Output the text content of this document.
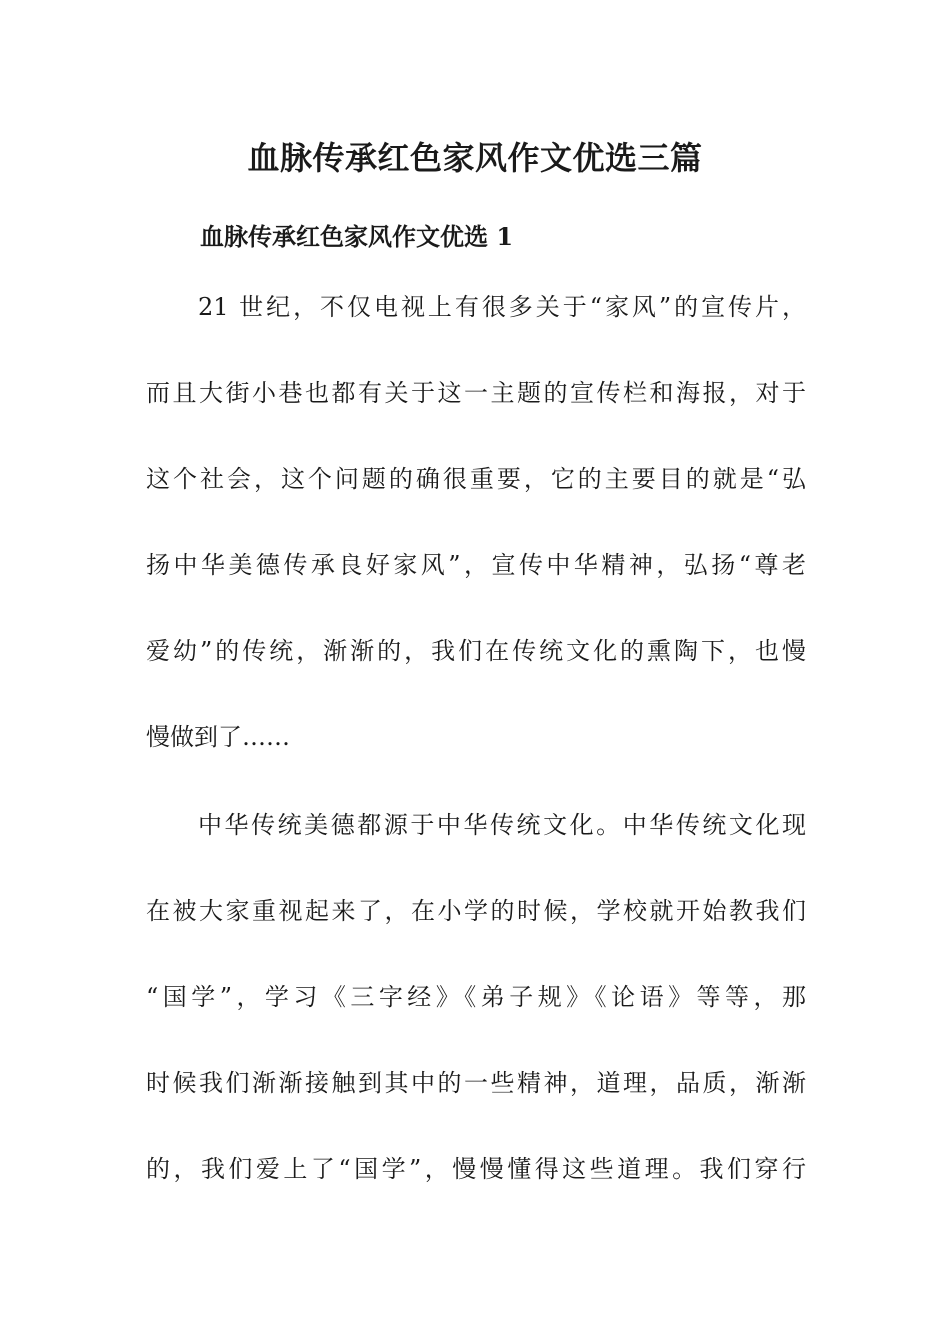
血脉传承红色家风作文优选三篇
血脉传承红色家风作文优选 1

21 世纪，不仅电视上有很多关于“家风”的宣传片，

而且大街小巷也都有关于这一主题的宣传栏和海报，对于

这个社会，这个问题的确很重要，它的主要目的就是“弘

扬中华美德传承良好家风”，宣传中华精神，弘扬“尊老

爱幼”的传统，渐渐的，我们在传统文化的熏陶下，也慢

慢做到了……

中华传统美德都源于中华传统文化。中华传统文化现

在被大家重视起来了，在小学的时候，学校就开始教我们

“国学”，学习《三字经》《弟子规》《论语》等等，那

时候我们渐渐接触到其中的一些精神，道理，品质，渐渐

的，我们爱上了“国学”，慢慢懂得这些道理。我们穿行
